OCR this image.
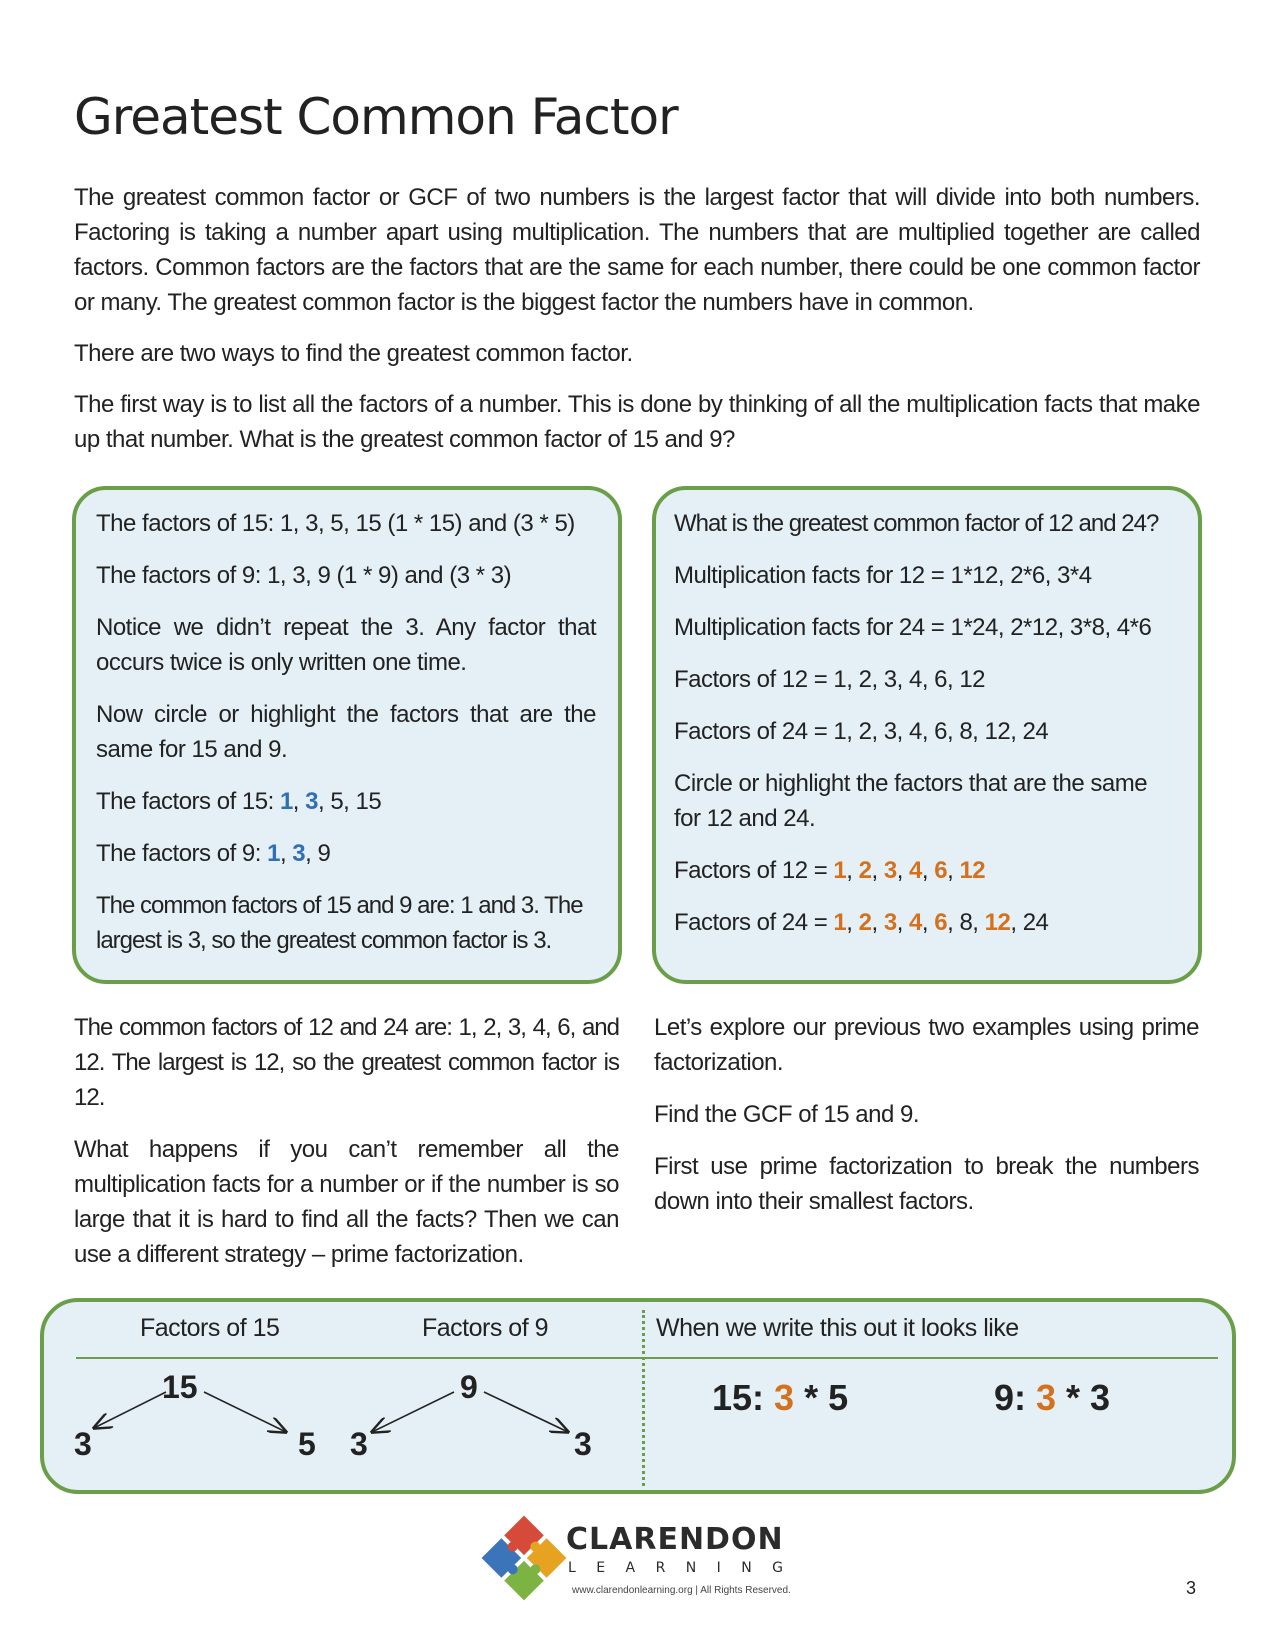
Greatest Common Factor

The greatest common factor or GCF of two numbers is the largest factor that will divide into both numbers. Factoring is taking a number apart using multiplication. The numbers that are multiplied together are called factors. Common factors are the factors that are the same for each number, there could be one common factor or many. The greatest common factor is the biggest factor the numbers have in common.

There are two ways to find the greatest common factor.

The first way is to list all the factors of a number. This is done by thinking of all the multiplication facts that make up that number. What is the greatest common factor of 15 and 9?

The factors of 15: 1, 3, 5, 15 (1 * 15) and (3 * 5)

The factors of 9: 1, 3, 9 (1 * 9) and (3 * 3)

Notice we didn’t repeat the 3. Any factor that occurs twice is only written one time.

Now circle or highlight the factors that are the same for 15 and 9.

The factors of 15: 1, 3, 5, 15

The factors of 9: 1, 3, 9

The common factors of 15 and 9 are: 1 and 3. The largest is 3, so the greatest common factor is 3.

What is the greatest common factor of 12 and 24?

Multiplication facts for 12 = 1*12, 2*6, 3*4

Multiplication facts for 24 = 1*24, 2*12, 3*8, 4*6

Factors of 12 = 1, 2, 3, 4, 6, 12

Factors of 24 = 1, 2, 3, 4, 6, 8, 12, 24

Circle or highlight the factors that are the same for 12 and 24.

Factors of 12 = 1, 2, 3, 4, 6, 12

Factors of 24 = 1, 2, 3, 4, 6, 8, 12, 24

The common factors of 12 and 24 are: 1, 2, 3, 4, 6, and 12. The largest is 12, so the greatest common factor is 12.

What happens if you can’t remember all the multiplication facts for a number or if the number is so large that it is hard to find all the facts? Then we can use a different strategy – prime factorization.

Let’s explore our previous two examples using prime factorization.

Find the GCF of 15 and 9.

First use prime factorization to break the numbers down into their smallest factors.

Factors of 15	Factors of 9	When we write this out it looks like
15
3	5
9
3	3
15: 3 * 5	9: 3 * 3
CLARENDON
L E A R N I N G
www.clarendonlearning.org | All Rights Reserved.	3
